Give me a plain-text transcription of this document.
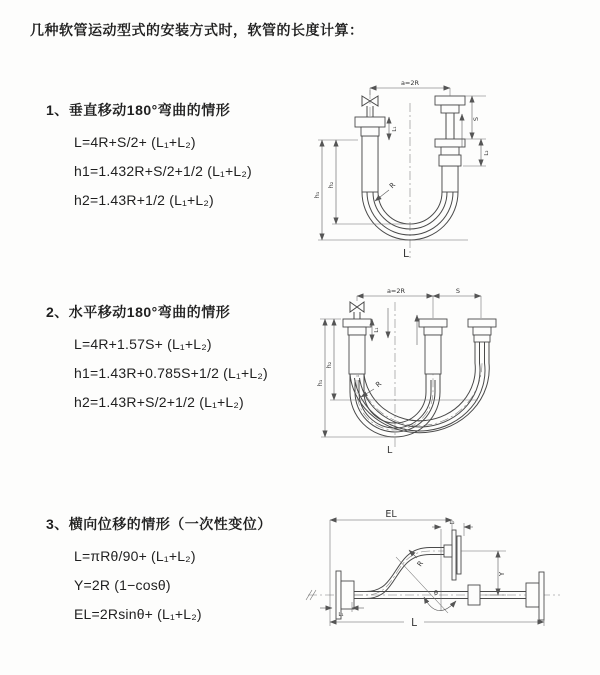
几种软管运动型式的安装方式时，软管的长度计算：
1、垂直移动180°弯曲的情形
L=4R+S/2+ (L₁+L₂)
h1=1.432R+S/2+1/2 (L₁+L₂)
h2=1.43R+1/2 (L₁+L₂)
2、水平移动180°弯曲的情形
L=4R+1.57S+ (L₁+L₂)
h1=1.43R+0.785S+1/2 (L₁+L₂)
h2=1.43R+S/2+1/2 (L₁+L₂)
3、横向位移的情形（一次性变位）
L=πRθ/90+ (L₁+L₂)
Y=2R (1−cosθ)
EL=2Rsinθ+ (L₁+L₂)
a=2R
h₁
h₂
L₁
S
L₂
R
L
a=2R	S
h₁
h₂
L₁
R
L
θ
R
EL
L₂
Y
L
L₁
